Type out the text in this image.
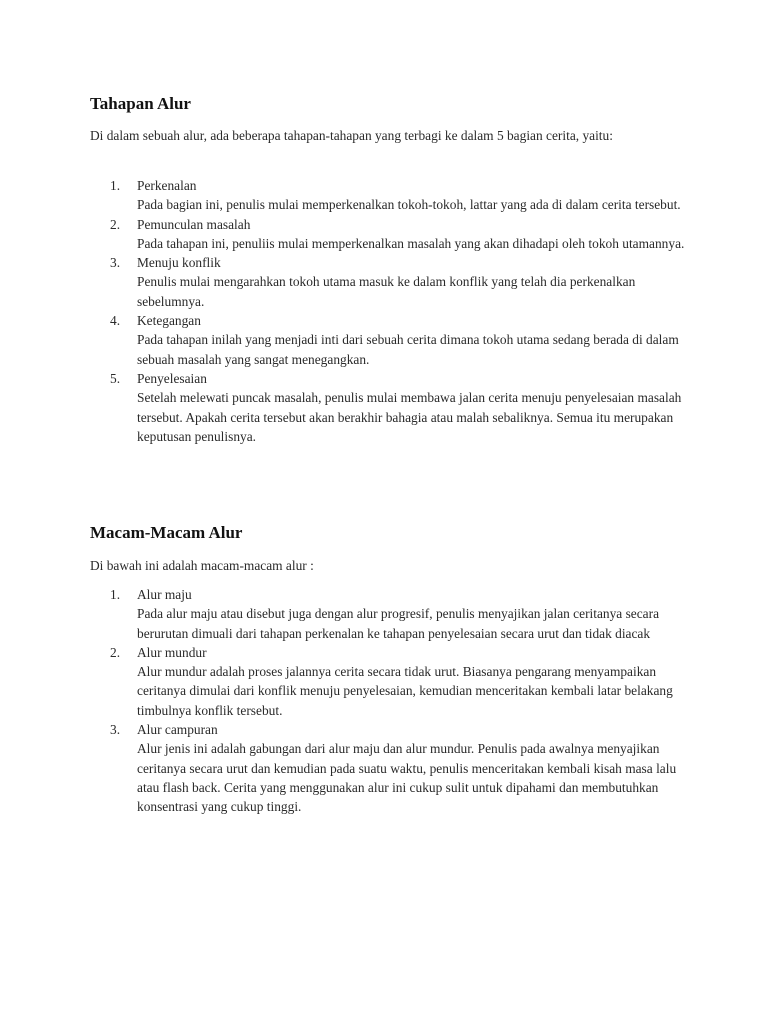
Tahapan Alur

Di dalam sebuah alur, ada beberapa tahapan-tahapan yang terbagi ke dalam 5 bagian cerita, yaitu:

1. Perkenalan
Pada bagian ini, penulis mulai memperkenalkan tokoh-tokoh, lattar yang ada di dalam cerita tersebut.
2. Pemunculan masalah
Pada tahapan ini, penuliis mulai memperkenalkan masalah yang akan dihadapi oleh tokoh utamannya.
3. Menuju konflik
Penulis mulai mengarahkan tokoh utama masuk ke dalam konflik yang telah dia perkenalkan sebelumnya.
4. Ketegangan
Pada tahapan inilah yang menjadi inti dari sebuah cerita dimana tokoh utama sedang berada di dalam sebuah masalah yang sangat menegangkan.
5. Penyelesaian
Setelah melewati puncak masalah, penulis mulai membawa jalan cerita menuju penyelesaian masalah tersebut. Apakah cerita tersebut akan berakhir bahagia atau malah sebaliknya. Semua itu merupakan keputusan penulisnya.
Macam-Macam Alur

Di bawah ini adalah macam-macam alur :

1. Alur maju
Pada alur maju atau disebut juga dengan alur progresif, penulis menyajikan jalan ceritanya secara berurutan dimuali dari tahapan perkenalan ke tahapan penyelesaian secara urut dan tidak diacak
2. Alur mundur
Alur mundur adalah proses jalannya cerita secara tidak urut. Biasanya pengarang menyampaikan ceritanya dimulai dari konflik menuju penyelesaian, kemudian menceritakan kembali latar belakang timbulnya konflik tersebut.
3. Alur campuran
Alur jenis ini adalah gabungan dari alur maju dan alur mundur. Penulis pada awalnya menyajikan ceritanya secara urut dan kemudian pada suatu waktu, penulis menceritakan kembali kisah masa lalu atau flash back. Cerita yang menggunakan alur ini cukup sulit untuk dipahami dan membutuhkan konsentrasi yang cukup tinggi.
